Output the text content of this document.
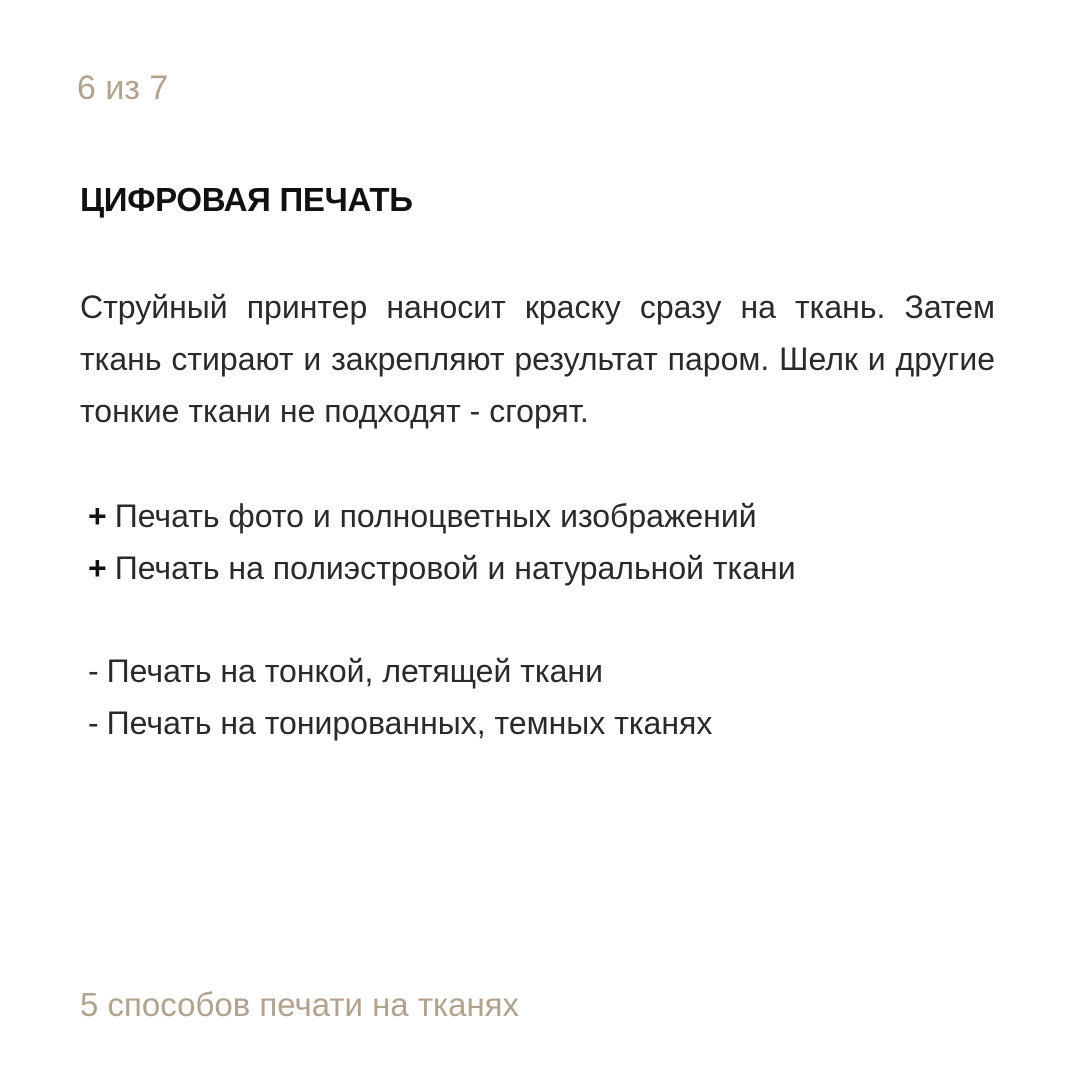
6 из 7
ЦИФРОВАЯ ПЕЧАТЬ

Струйный принтер наносит краску сразу на ткань. Затем ткань стирают и закрепляют результат паром. Шелк и другие тонкие ткани не подходят - сгорят.

+ Печать фото и полноцветных изображений
+ Печать на полиэстровой и натуральной ткани
- Печать на тонкой, летящей ткани
- Печать на тонированных, темных тканях
5 способов печати на тканях
